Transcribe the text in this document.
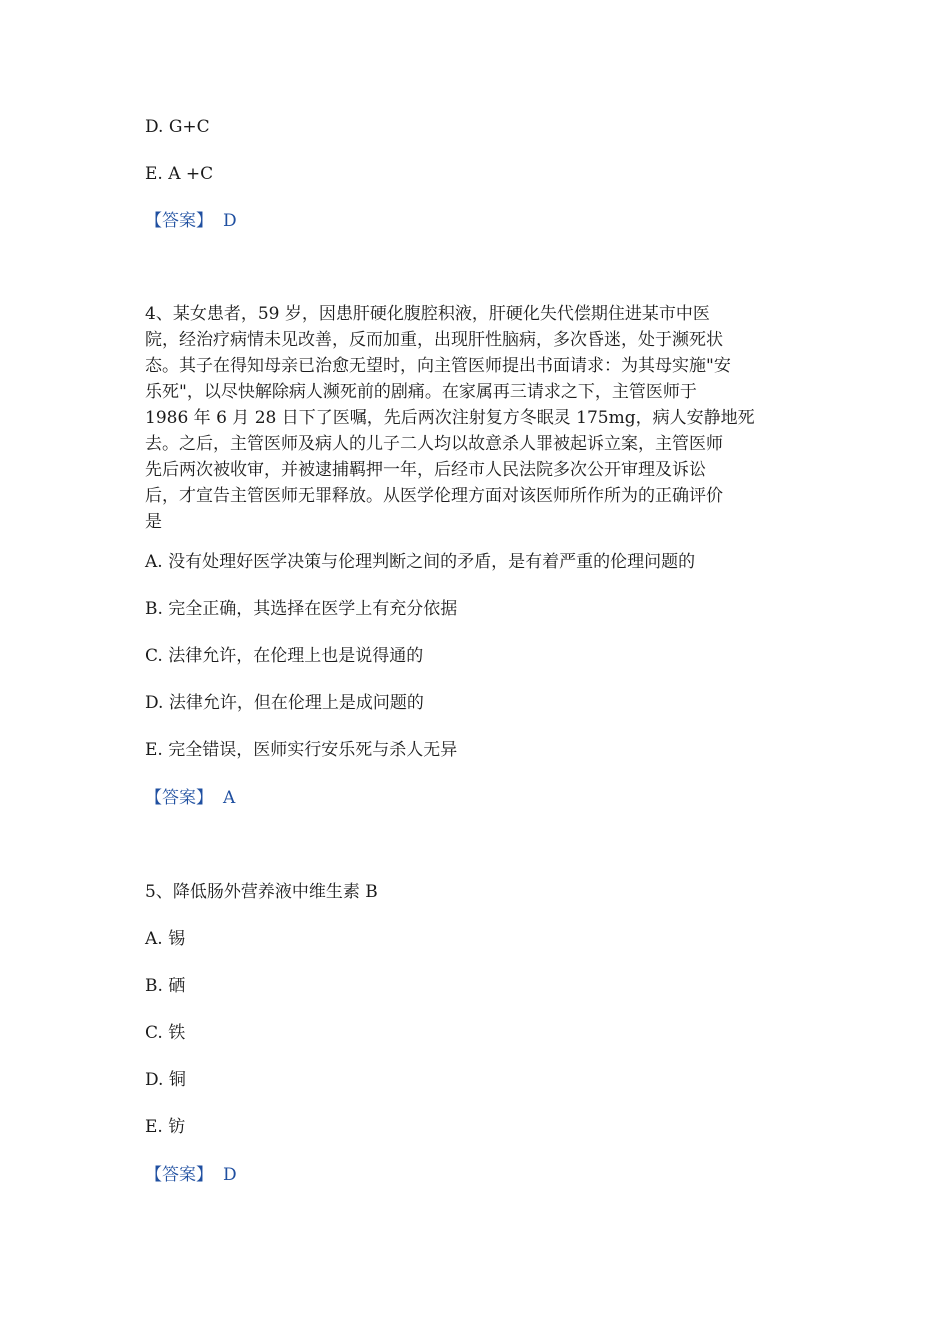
D. G+C
E. A +C
【答案】 D
4、某女患者，59 岁，因患肝硬化腹腔积液，肝硬化失代偿期住进某市中医
院，经治疗病情未见改善，反而加重，出现肝性脑病，多次昏迷，处于濒死状
态。其子在得知母亲已治愈无望时，向主管医师提出书面请求：为其母实施"安
乐死"，以尽快解除病人濒死前的剧痛。在家属再三请求之下，主管医师于
1986 年 6 月 28 日下了医嘱，先后两次注射复方冬眠灵 175mg，病人安静地死
去。之后，主管医师及病人的儿子二人均以故意杀人罪被起诉立案，主管医师
先后两次被收审，并被逮捕羁押一年，后经市人民法院多次公开审理及诉讼
后，才宣告主管医师无罪释放。从医学伦理方面对该医师所作所为的正确评价
是
A. 没有处理好医学决策与伦理判断之间的矛盾，是有着严重的伦理问题的
B. 完全正确，其选择在医学上有充分依据
C. 法律允许，在伦理上也是说得通的
D. 法律允许，但在伦理上是成问题的
E. 完全错误，医师实行安乐死与杀人无异
【答案】 A
5、降低肠外营养液中维生素 B
A. 锡
B. 硒
C. 铁
D. 铜
E. 钫
【答案】 D
